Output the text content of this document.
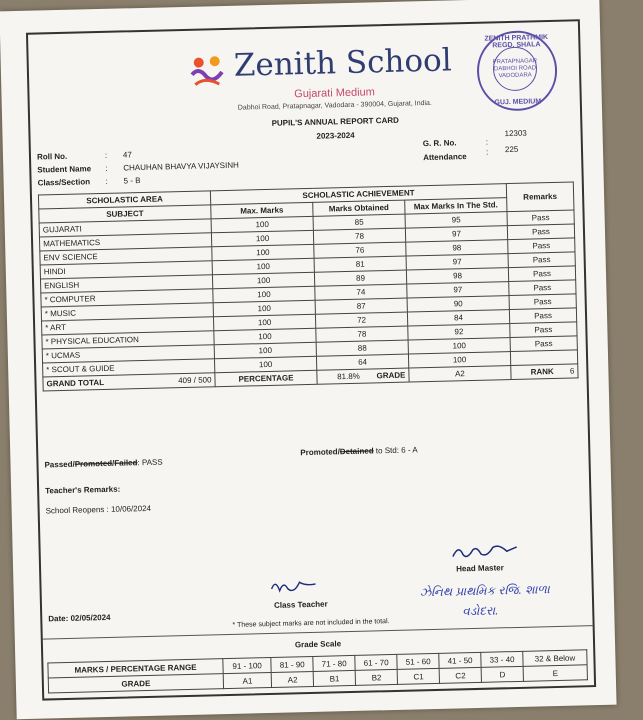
Zenith School
Gujarati Medium
Dabhoi Road, Pratapnagar, Vadodara - 390004, Gujarat, India.
PUPIL'S ANNUAL REPORT CARD
2023-2024
ZENITH PRATHMIK REGD. SHALA
PRATAPNAGAR DABHOI ROAD VADODARA
GUJ. MEDIUM
Roll No.	: 47
Student Name : CHAUHAN BHAVYA VIJAYSINH
Class/Section : 5 - B
G. R. No.	:
12303
Attendance
: 225
SCHOLASTIC AREA	SCHOLASTIC ACHIEVEMENT			Remarks
SUBJECT	Max. Marks	Marks Obtained	Max Marks In The Std.	
GUJARATI	100	85	95	Pass
MATHEMATICS	100	78	97	Pass
ENV SCIENCE	100	76	98	Pass
HINDI	100	81	97	Pass
ENGLISH	100	89	98	Pass
* COMPUTER	100	74	97	Pass
* MUSIC	100	87	90	Pass
* ART	100	72	84	Pass
* PHYSICAL EDUCATION	100	78	92	Pass
* UCMAS	100	88	100	Pass
* SCOUT & GUIDE	100	64	100	
GRAND TOTAL 409 / 500	PERCENTAGE	81.8% GRADE	A2	RANK 6
Passed/Promoted/Failed: PASS
Promoted/Detained to Std: 6 - A
Teacher's Remarks:
School Reopens : 10/06/2024
Head Master
Class Teacher
ઝેનિથ પ્રાથમિક રજિ. શાળા
વડોદરા.
Date: 02/05/2024	* These subject marks are not included in the total.
Grade Scale
MARKS / PERCENTAGE RANGE	91 - 100	81 - 90	71 - 80	61 - 70	51 - 60	41 - 50	33 - 40	32 & Below
GRADE	A1	A2	B1	B2	C1	C2	D	E
